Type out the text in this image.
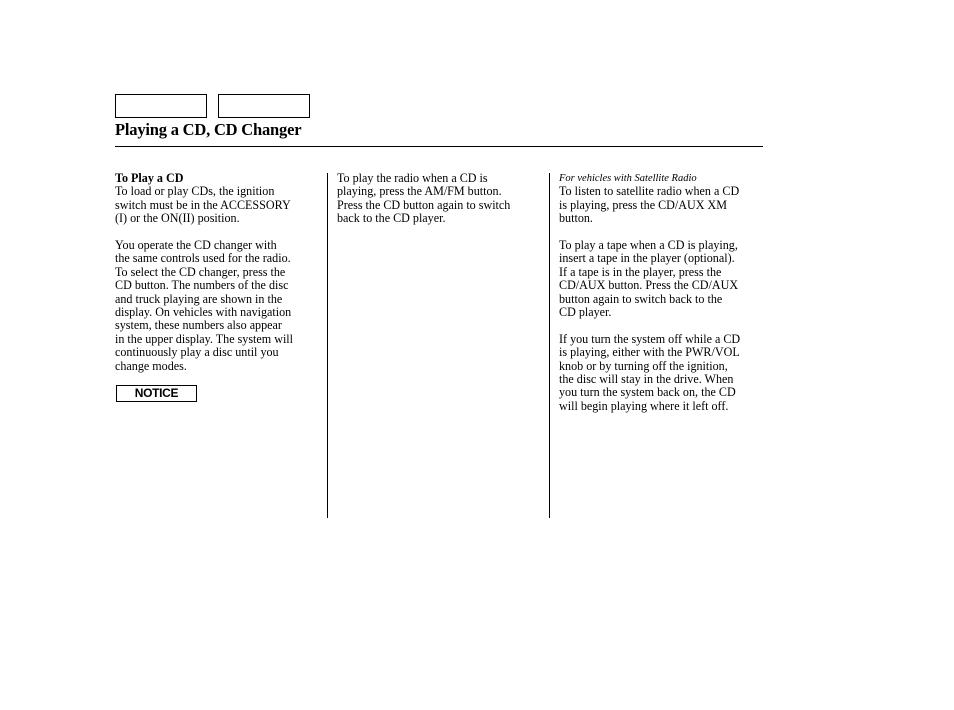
Playing a CD, CD Changer
To Play a CD
To load or play CDs, the ignition
switch must be in the ACCESSORY
(I) or the ON(II) position.
You operate the CD changer with
the same controls used for the radio.
To select the CD changer, press the
CD button. The numbers of the disc
and truck playing are shown in the
display. On vehicles with navigation
system, these numbers also appear
in the upper display. The system will
continuously play a disc until you
change modes.
NOTICE
To play the radio when a CD is
playing, press the AM/FM button.
Press the CD button again to switch
back to the CD player.
For vehicles with Satellite Radio
To listen to satellite radio when a CD
is playing, press the CD/AUX XM
button.
To play a tape when a CD is playing,
insert a tape in the player (optional).
If a tape is in the player, press the
CD/AUX button. Press the CD/AUX
button again to switch back to the
CD player.
If you turn the system off while a CD
is playing, either with the PWR/VOL
knob or by turning off the ignition,
the disc will stay in the drive. When
you turn the system back on, the CD
will begin playing where it left off.
